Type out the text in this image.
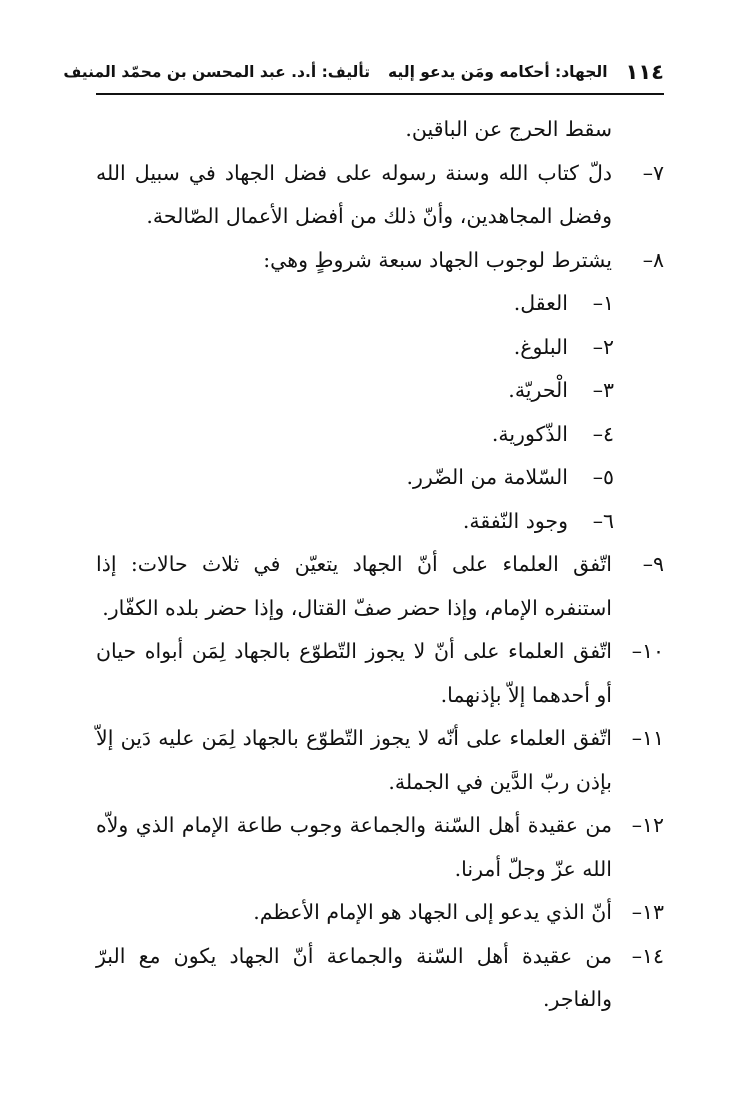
١١٤
الجهاد: أحكامه ومَن يدعو إليه
تأليف: أ.د. عبد المحسن بن محمّد المنيف
سقط الحرج عن الباقين.
٧–
دلّ كتاب الله وسنة رسوله على فضل الجهاد في سبيل الله وفضل المجاهدين، وأنّ ذلك من أفضل الأعمال الصّالحة.
٨–
يشترط لوجوب الجهاد سبعة شروطٍ وهي:
١–
العقل.
٢–
البلوغ.
٣–
الْحريّة.
٤–
الذّكورية.
٥–
السّلامة من الضّرر.
٦–
وجود النّفقة.
٩–
اتّفق العلماء على أنّ الجهاد يتعيّن في ثلاث حالات: إذا استنفره الإمام، وإذا حضر صفّ القتال، وإذا حضر بلده الكفّار.
١٠–
اتّفق العلماء على أنّ لا يجوز التّطوّع بالجهاد لِمَن أبواه حيان أو أحدهما إلاّ بإذنهما.
١١–
اتّفق العلماء على أنّه لا يجوز التّطوّع بالجهاد لِمَن عليه دَين إلاّ بإذن ربّ الدَّين في الجملة.
١٢–
من عقيدة أهل السّنة والجماعة وجوب طاعة الإمام الذي ولاّه الله عزّ وجلّ أمرنا.
١٣–
أنّ الذي يدعو إلى الجهاد هو الإمام الأعظم.
١٤–
من عقيدة أهل السّنة والجماعة أنّ الجهاد يكون مع البرّ والفاجر.
